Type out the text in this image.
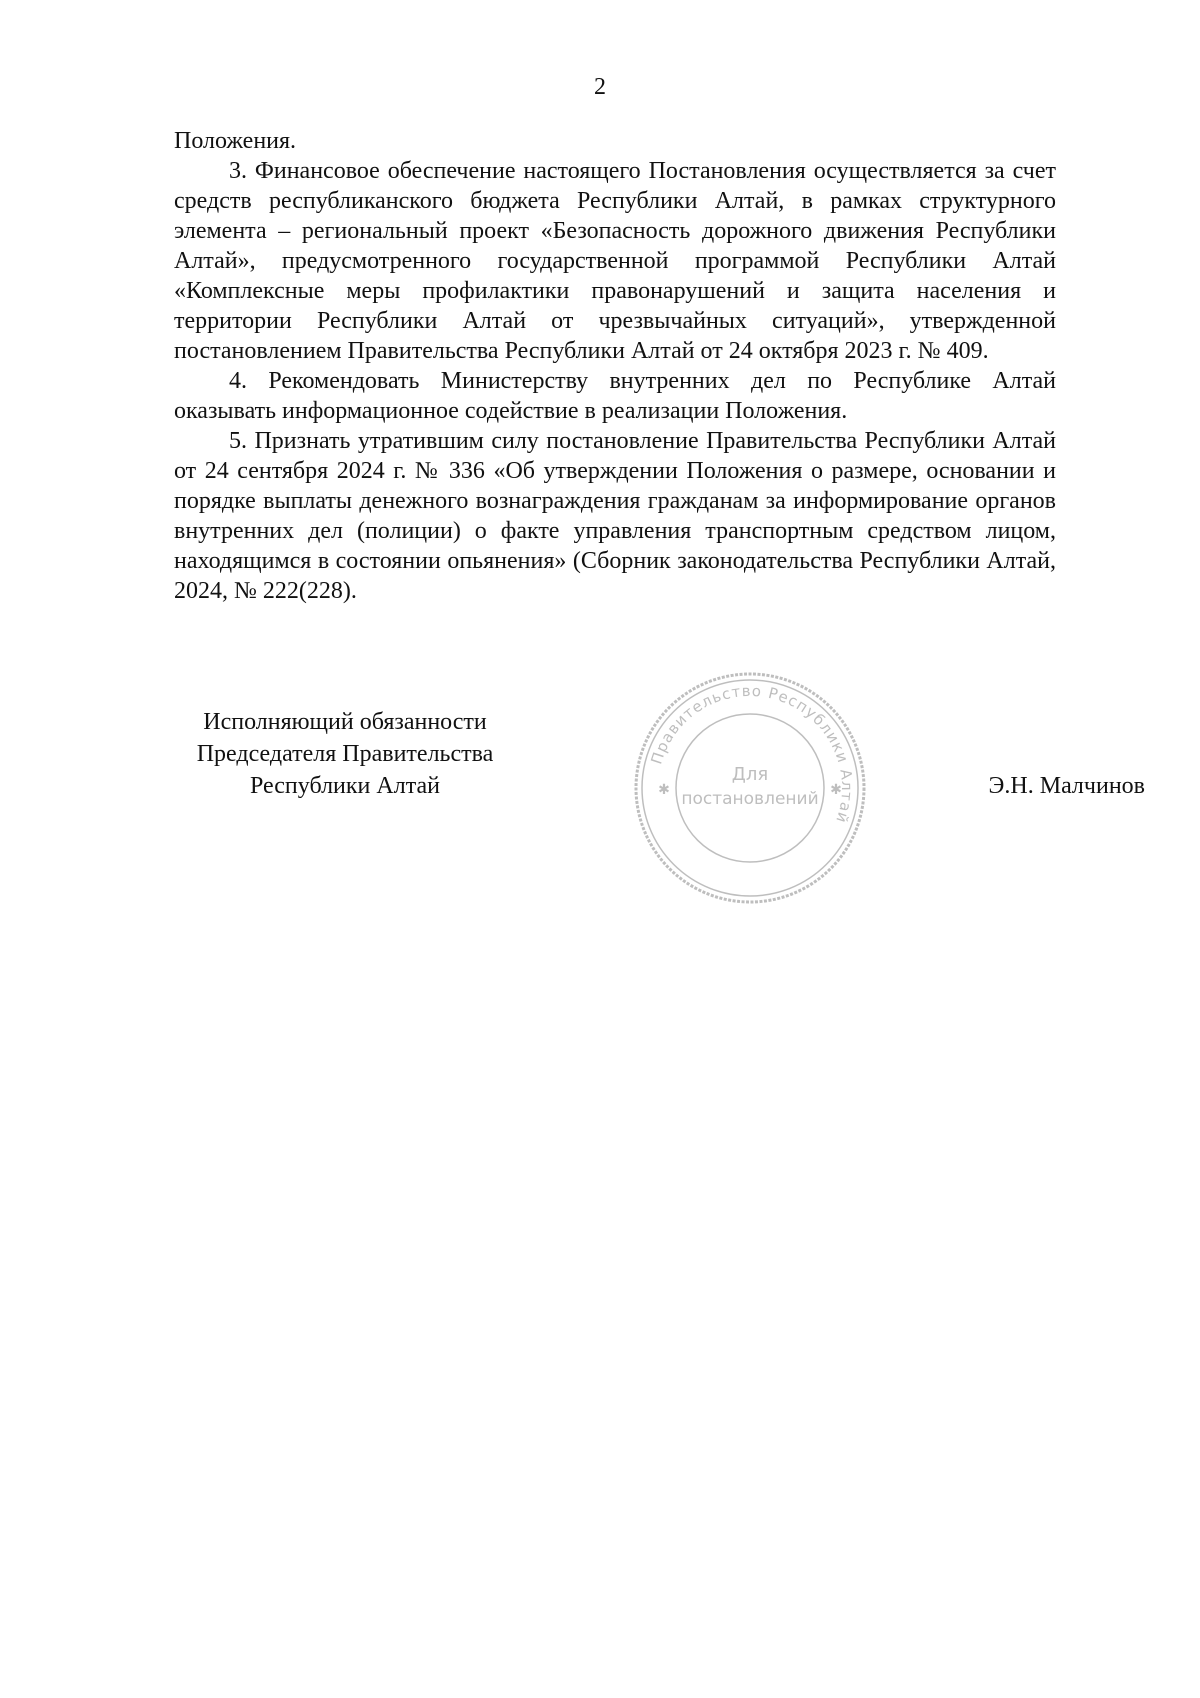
2

Положения.

3. Финансовое обеспечение настоящего Постановления осуществляется за счет средств республиканского бюджета Республики Алтай, в рамках структурного элемента – региональный проект «Безопасность дорожного движения Республики Алтай», предусмотренного государственной программой Республики Алтай «Комплексные меры профилактики правонарушений и защита населения и территории Республики Алтай от чрезвычайных ситуаций», утвержденной постановлением Правительства Республики Алтай от 24 октября 2023 г. № 409.

4. Рекомендовать Министерству внутренних дел по Республике Алтай оказывать информационное содействие в реализации Положения.

5. Признать утратившим силу постановление Правительства Республики Алтай от 24 сентября 2024 г. № 336 «Об утверждении Положения о размере, основании и порядке выплаты денежного вознаграждения гражданам за информирование органов внутренних дел (полиции) о факте управления транспортным средством лицом, находящимся в состоянии опьянения» (Сборник законодательства Республики Алтай, 2024, № 222(228).

Исполняющий обязанности
Председателя Правительства
Республики Алтай
Правительство Республики Алтай
Для
постановлений
✱	✱	Э.Н. Малчинов
